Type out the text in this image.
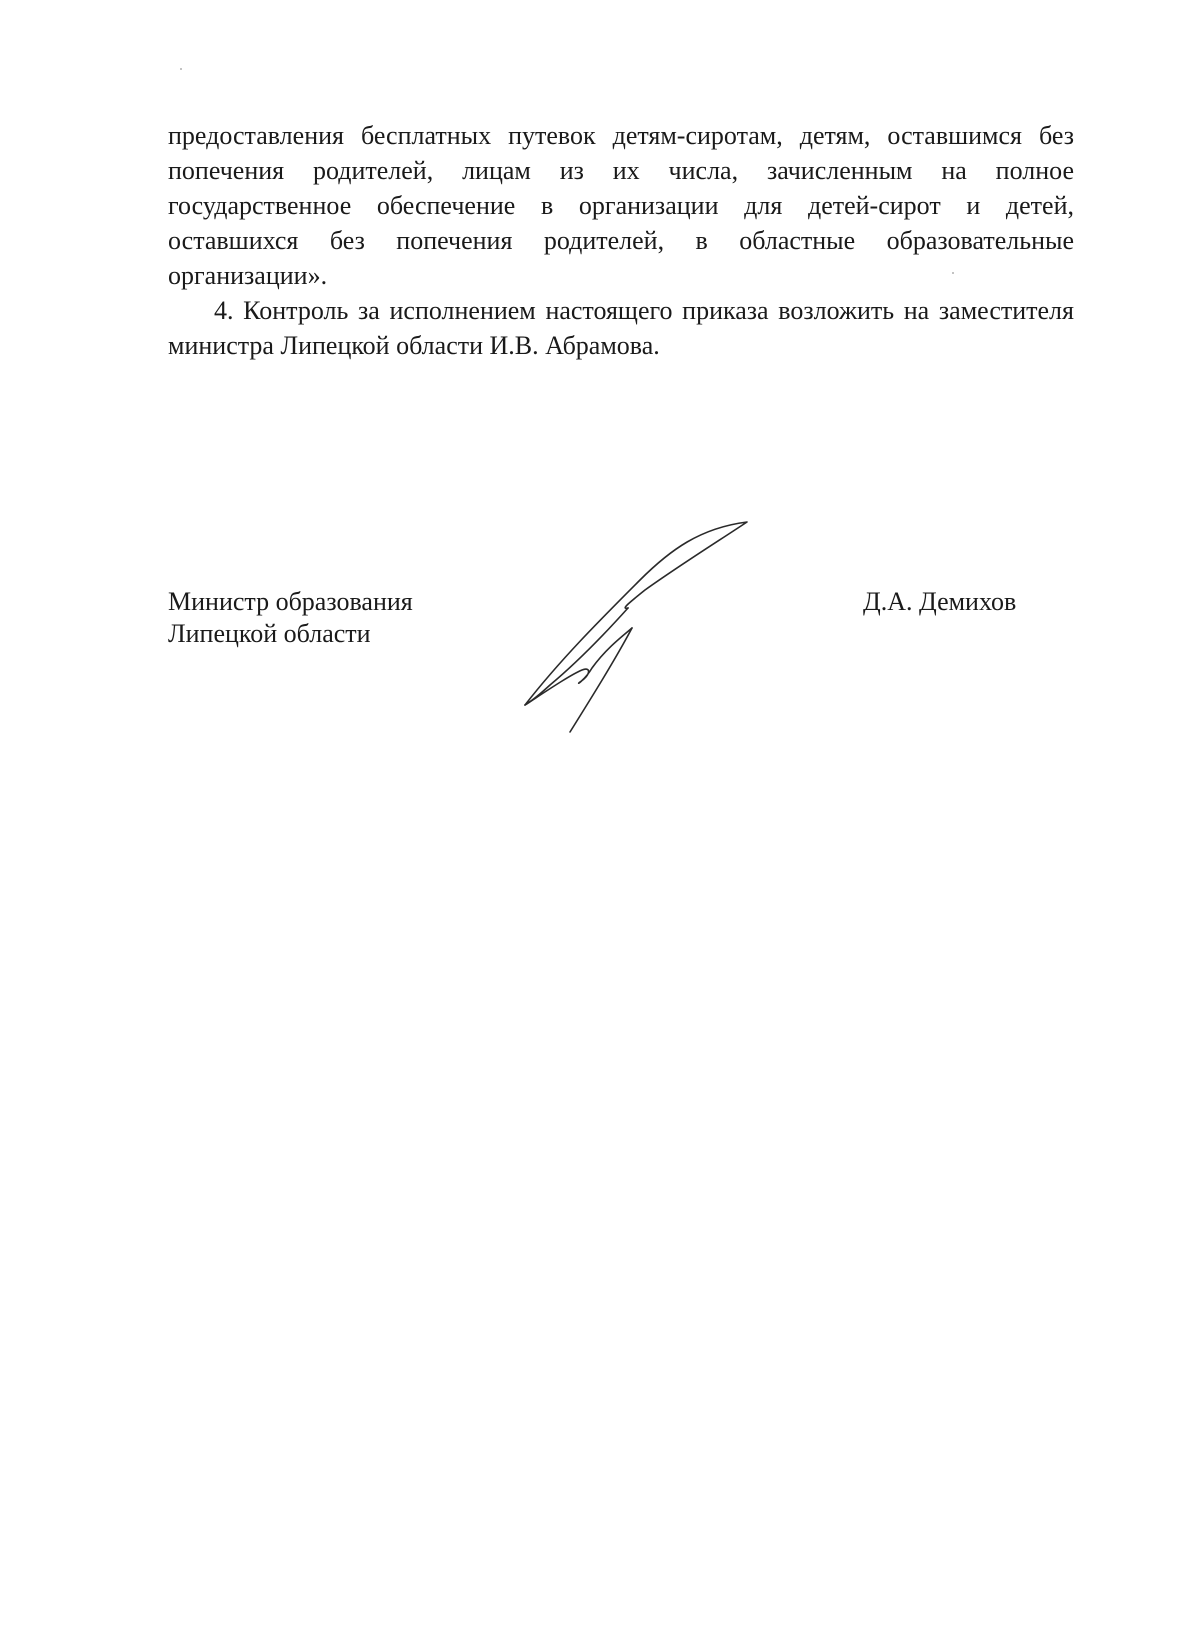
предоставления бесплатных путевок детям-сиротам, детям, оставшимся без попечения родителей, лицам из их числа, зачисленным на полное государственное обеспечение в организации для детей-сирот и детей, оставшихся без попечения родителей, в областные образовательные организации».

4. Контроль за исполнением настоящего приказа возложить на заместителя министра Липецкой области И.В. Абрамова.

Министр образования
Липецкой области

Д.А. Демихов
